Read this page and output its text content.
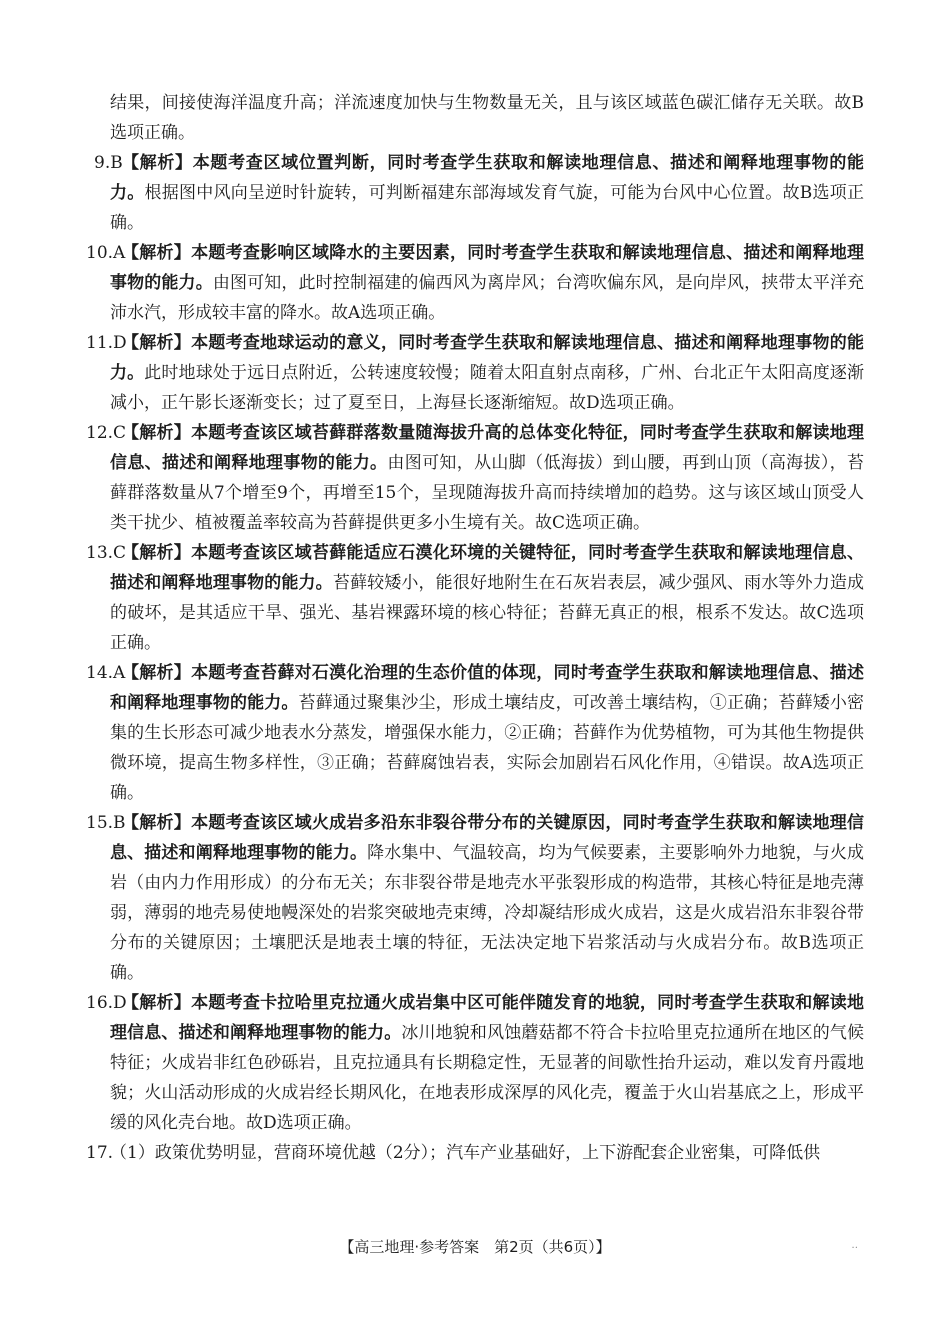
结果，间接使海洋温度升高；洋流速度加快与生物数量无关，且与该区域蓝色碳汇储存无关联。故B选项正确。

9.B 【解析】本题考查区域位置判断，同时考查学生获取和解读地理信息、描述和阐释地理事物的能力。根据图中风向呈逆时针旋转，可判断福建东部海域发育气旋，可能为台风中心位置。故B选项正确。
10.A
【解析】本题考查影响区域降水的主要因素，同时考查学生获取和解读地理信息、描述和阐释地理事物的能力。由图可知，此时控制福建的偏西风为离岸风；台湾吹偏东风，是向岸风，挟带太平洋充沛水汽，形成较丰富的降水。故A选项正确。
11.D
【解析】本题考查地球运动的意义，同时考查学生获取和解读地理信息、描述和阐释地理事物的能力。此时地球处于远日点附近，公转速度较慢；随着太阳直射点南移，广州、台北正午太阳高度逐渐减小，正午影长逐渐变长；过了夏至日，上海昼长逐渐缩短。故D选项正确。
12.C
【解析】本题考查该区域苔藓群落数量随海拔升高的总体变化特征，同时考查学生获取和解读地理信息、描述和阐释地理事物的能力。由图可知，从山脚（低海拔）到山腰，再到山顶（高海拔），苔藓群落数量从7个增至9个，再增至15个，呈现随海拔升高而持续增加的趋势。这与该区域山顶受人类干扰少、植被覆盖率较高为苔藓提供更多小生境有关。故C选项正确。
13.C
【解析】本题考查该区域苔藓能适应石漠化环境的关键特征，同时考查学生获取和解读地理信息、描述和阐释地理事物的能力。苔藓较矮小，能很好地附生在石灰岩表层，减少强风、雨水等外力造成的破坏，是其适应干旱、强光、基岩裸露环境的核心特征；苔藓无真正的根，根系不发达。故C选项正确。
14.A
【解析】本题考查苔藓对石漠化治理的生态价值的体现，同时考查学生获取和解读地理信息、描述和阐释地理事物的能力。苔藓通过聚集沙尘，形成土壤结皮，可改善土壤结构，①正确；苔藓矮小密集的生长形态可减少地表水分蒸发，增强保水能力，②正确；苔藓作为优势植物，可为其他生物提供微环境，提高生物多样性，③正确；苔藓腐蚀岩表，实际会加剧岩石风化作用，④错误。故A选项正确。
15.B
【解析】本题考查该区域火成岩多沿东非裂谷带分布的关键原因，同时考查学生获取和解读地理信息、描述和阐释地理事物的能力。降水集中、气温较高，均为气候要素，主要影响外力地貌，与火成岩（由内力作用形成）的分布无关；东非裂谷带是地壳水平张裂形成的构造带，其核心特征是地壳薄弱，薄弱的地壳易使地幔深处的岩浆突破地壳束缚，冷却凝结形成火成岩，这是火成岩沿东非裂谷带分布的关键原因；土壤肥沃是地表土壤的特征，无法决定地下岩浆活动与火成岩分布。故B选项正确。
16.D
【解析】本题考查卡拉哈里克拉通火成岩集中区可能伴随发育的地貌，同时考查学生获取和解读地理信息、描述和阐释地理事物的能力。冰川地貌和风蚀蘑菇都不符合卡拉哈里克拉通所在地区的气候特征；火成岩非红色砂砾岩，且克拉通具有长期稳定性，无显著的间歇性抬升运动，难以发育丹霞地貌；火山活动形成的火成岩经长期风化，在地表形成深厚的风化壳，覆盖于火山岩基底之上，形成平缓的风化壳台地。故D选项正确。
17.
（1）政策优势明显，营商环境优越（2分）；汽车产业基础好，上下游配套企业密集，可降低供
【高三地理·参考答案　第2页（共6页）】	‥
